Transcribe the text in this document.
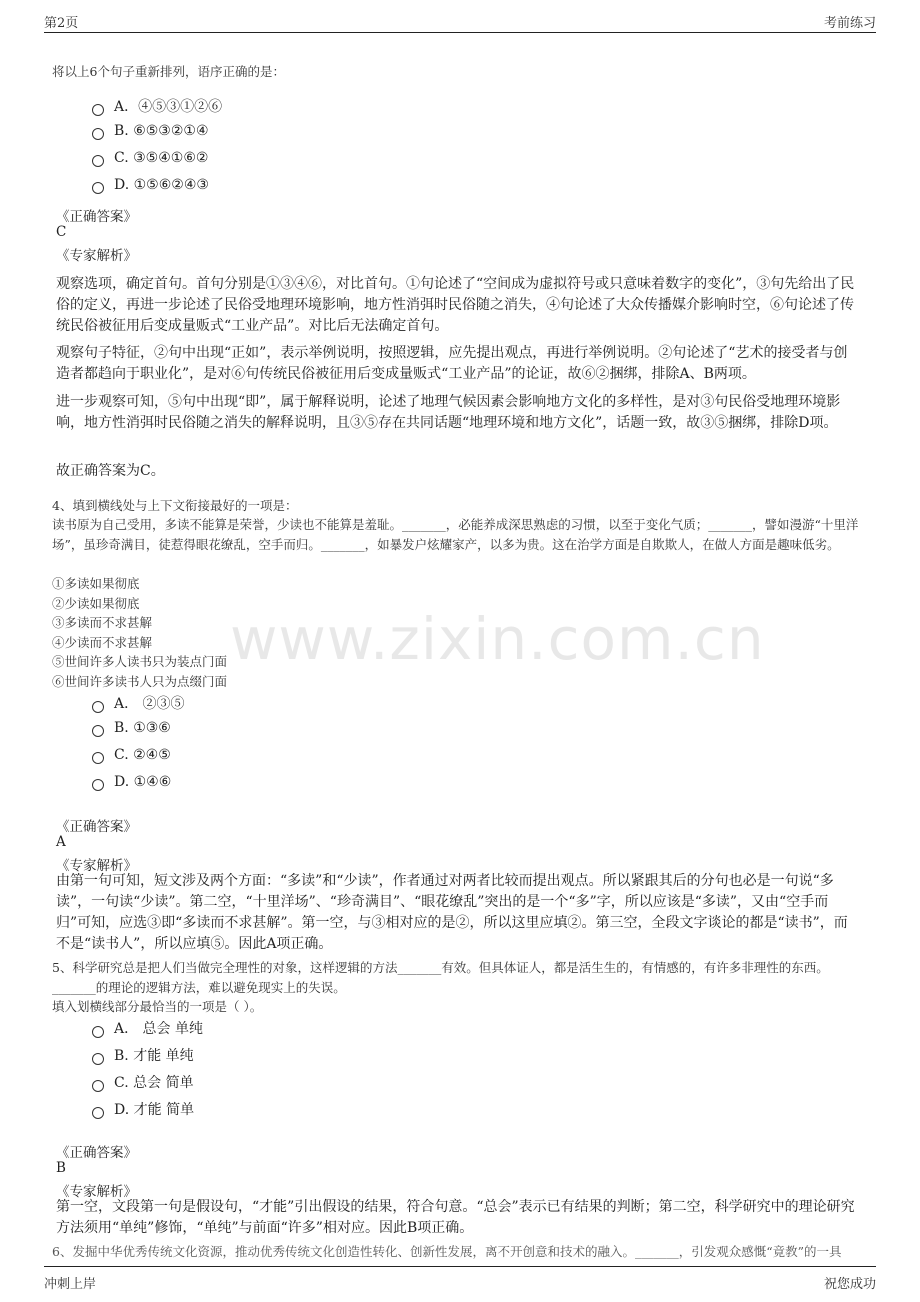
第2页	考前练习
www.zixin.com.cn
将以上6个句子重新排列，语序正确的是：
A．④⑤③①②⑥
B. ⑥⑤③②①④
C. ③⑤④①⑥②
D. ①⑤⑥②④③
《正确答案》
C
《专家解析》
观察选项，确定首句。首句分别是①③④⑥，对比首句。①句论述了“空间成为虚拟符号或只意味着数字的变化”，③句先给出了民俗的定义，再进一步论述了民俗受地理环境影响，地方性消弭时民俗随之消失，④句论述了大众传播媒介影响时空，⑥句论述了传统民俗被征用后变成量贩式“工业产品”。对比后无法确定首句。
观察句子特征，②句中出现“正如”，表示举例说明，按照逻辑，应先提出观点，再进行举例说明。②句论述了“艺术的接受者与创造者都趋向于职业化”，是对⑥句传统民俗被征用后变成量贩式“工业产品”的论证，故⑥②捆绑，排除A、B两项。
进一步观察可知，⑤句中出现“即”，属于解释说明，论述了地理气候因素会影响地方文化的多样性，是对③句民俗受地理环境影响，地方性消弭时民俗随之消失的解释说明，且③⑤存在共同话题“地理环境和地方文化”，话题一致，故③⑤捆绑，排除D项。
故正确答案为C。
4、填到横线处与上下文衔接最好的一项是：
读书原为自己受用，多读不能算是荣誉，少读也不能算是羞耻。_______，必能养成深思熟虑的习惯，以至于变化气质；_______，譬如漫游“十里洋场”，虽珍奇满目，徒惹得眼花缭乱，空手而归。_______，如暴发户炫耀家产，以多为贵。这在治学方面是自欺欺人，在做人方面是趣味低劣。
①多读如果彻底
②少读如果彻底
③多读而不求甚解
④少读而不求甚解
⑤世间许多人读书只为装点门面
⑥世间许多读书人只为点缀门面
A． ②③⑤
B. ①③⑥
C. ②④⑤
D. ①④⑥
《正确答案》
A
《专家解析》
由第一句可知，短文涉及两个方面：“多读”和“少读”，作者通过对两者比较而提出观点。所以紧跟其后的分句也必是一句说“多读”，一句读“少读”。第二空，“十里洋场”、“珍奇满目”、“眼花缭乱”突出的是一个“多”字，所以应该是“多读”，又由“空手而归”可知，应选③即“多读而不求甚解”。第一空，与③相对应的是②，所以这里应填②。第三空，全段文字谈论的都是“读书”，而不是“读书人”，所以应填⑤。因此A项正确。
5、科学研究总是把人们当做完全理性的对象，这样逻辑的方法_______有效。但具体证人，都是活生生的，有情感的，有许多非理性的东西。_______的理论的逻辑方法，难以避免现实上的失误。
填入划横线部分最恰当的一项是（ ）。
A． 总会 单纯
B. 才能 单纯
C. 总会 简单
D. 才能 简单
《正确答案》
B
《专家解析》
第一空，文段第一句是假设句，“才能”引出假设的结果，符合句意。“总会”表示已有结果的判断；第二空，科学研究中的理论研究方法须用“单纯”修饰，“单纯”与前面“许多”相对应。因此B项正确。
6、发掘中华优秀传统文化资源，推动优秀传统文化创造性转化、创新性发展，离不开创意和技术的融入。_______，引发观众感慨“竟教”的一具
冲刺上岸	祝您成功
